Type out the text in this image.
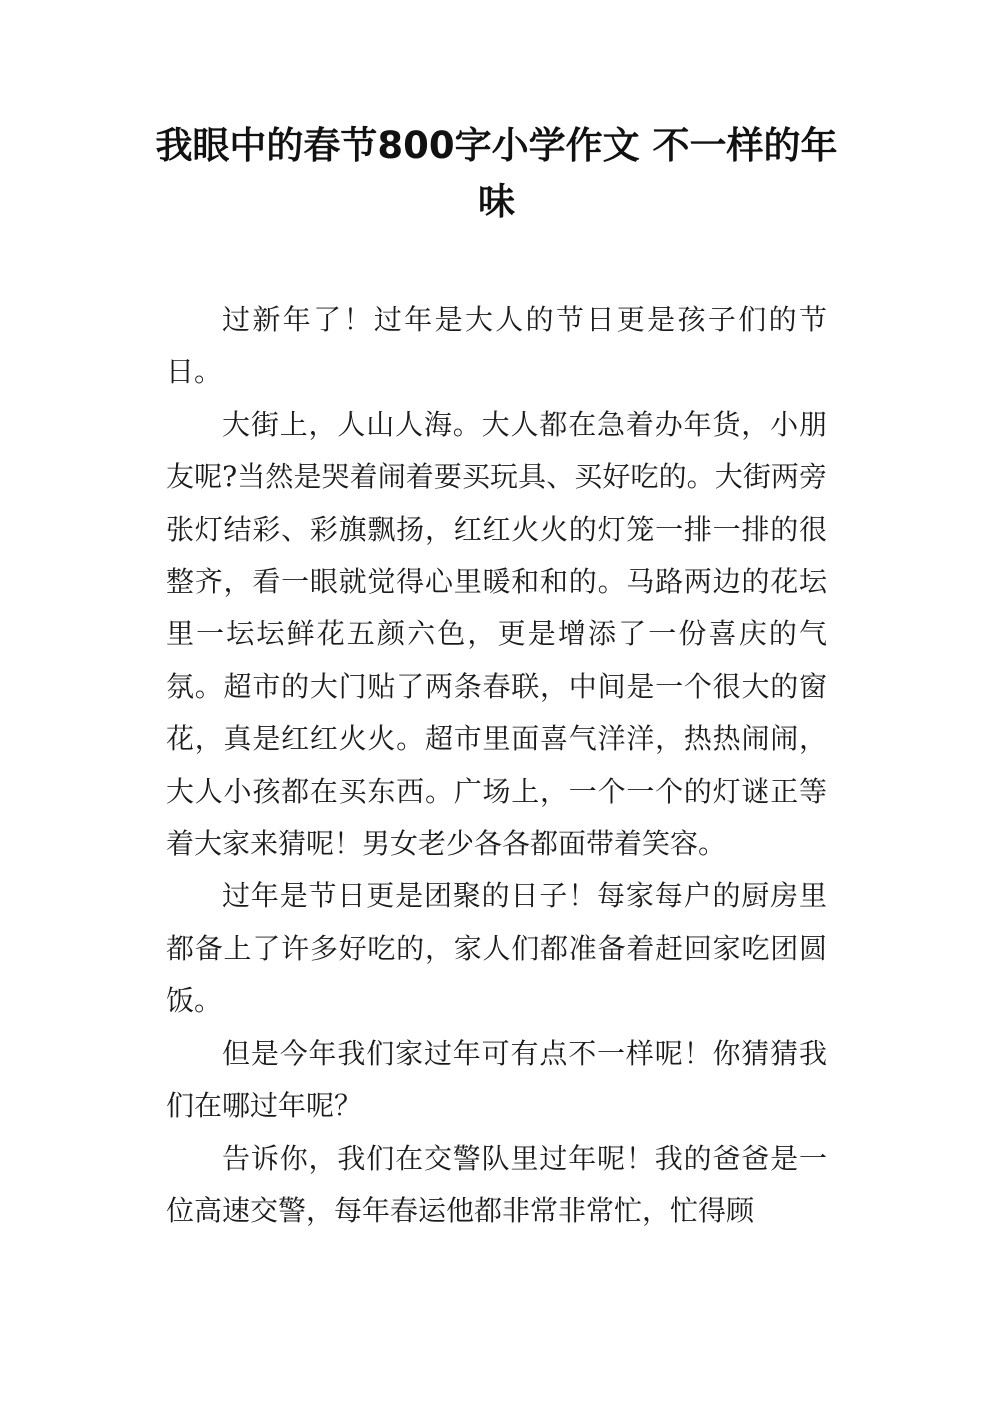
我眼中的春节800字小学作文 不一样的年味

过新年了！过年是大人的节日更是孩子们的节日。

大街上，人山人海。大人都在急着办年货，小朋友呢?当然是哭着闹着要买玩具、买好吃的。大街两旁张灯结彩、彩旗飘扬，红红火火的灯笼一排一排的很整齐，看一眼就觉得心里暖和和的。马路两边的花坛里一坛坛鲜花五颜六色，更是增添了一份喜庆的气氛。超市的大门贴了两条春联，中间是一个很大的窗花，真是红红火火。超市里面喜气洋洋，热热闹闹，大人小孩都在买东西。广场上，一个一个的灯谜正等着大家来猜呢！男女老少各各都面带着笑容。

过年是节日更是团聚的日子！每家每户的厨房里都备上了许多好吃的，家人们都准备着赶回家吃团圆饭。

但是今年我们家过年可有点不一样呢！你猜猜我们在哪过年呢？

告诉你，我们在交警队里过年呢！我的爸爸是一位高速交警，每年春运他都非常非常忙，忙得顾
